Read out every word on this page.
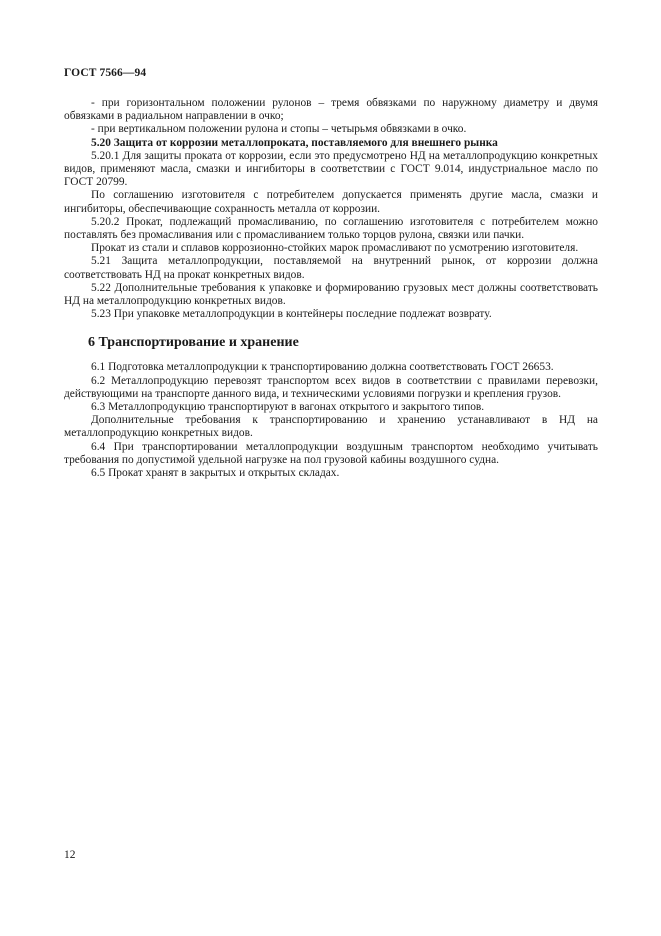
ГОСТ 7566—94

- при горизонтальном положении рулонов – тремя обвязками по наружному диаметру и двумя обвязками в радиальном направлении в очко;

- при вертикальном положении рулона и стопы – четырьмя обвязками в очко.

5.20 Защита от коррозии металлопроката, поставляемого для внешнего рынка

5.20.1 Для защиты проката от коррозии, если это предусмотрено НД на металлопродукцию конкретных видов, применяют масла, смазки и ингибиторы в соответствии с ГОСТ 9.014, индустриальное масло по ГОСТ 20799.

По соглашению изготовителя с потребителем допускается применять другие масла, смазки и ингибиторы, обеспечивающие сохранность металла от коррозии.

5.20.2 Прокат, подлежащий промасливанию, по соглашению изготовителя с потребителем можно поставлять без промасливания или с промасливанием только торцов рулона, связки или пачки.

Прокат из стали и сплавов коррозионно-стойких марок промасливают по усмотрению изготовителя.

5.21 Защита металлопродукции, поставляемой на внутренний рынок, от коррозии должна соответствовать НД на прокат конкретных видов.

5.22 Дополнительные требования к упаковке и формированию грузовых мест должны соответствовать НД на металлопродукцию конкретных видов.

5.23 При упаковке металлопродукции в контейнеры последние подлежат возврату.

6 Транспортирование и хранение

6.1 Подготовка металлопродукции к транспортированию должна соответствовать ГОСТ 26653.

6.2 Металлопродукцию перевозят транспортом всех видов в соответствии с правилами перевозки, действующими на транспорте данного вида, и техническими условиями погрузки и крепления грузов.

6.3 Металлопродукцию транспортируют в вагонах открытого и закрытого типов.

Дополнительные требования к транспортированию и хранению устанавливают в НД на металлопродукцию конкретных видов.

6.4 При транспортировании металлопродукции воздушным транспортом необходимо учитывать требования по допустимой удельной нагрузке на пол грузовой кабины воздушного судна.

6.5 Прокат хранят в закрытых и открытых складах.

12
